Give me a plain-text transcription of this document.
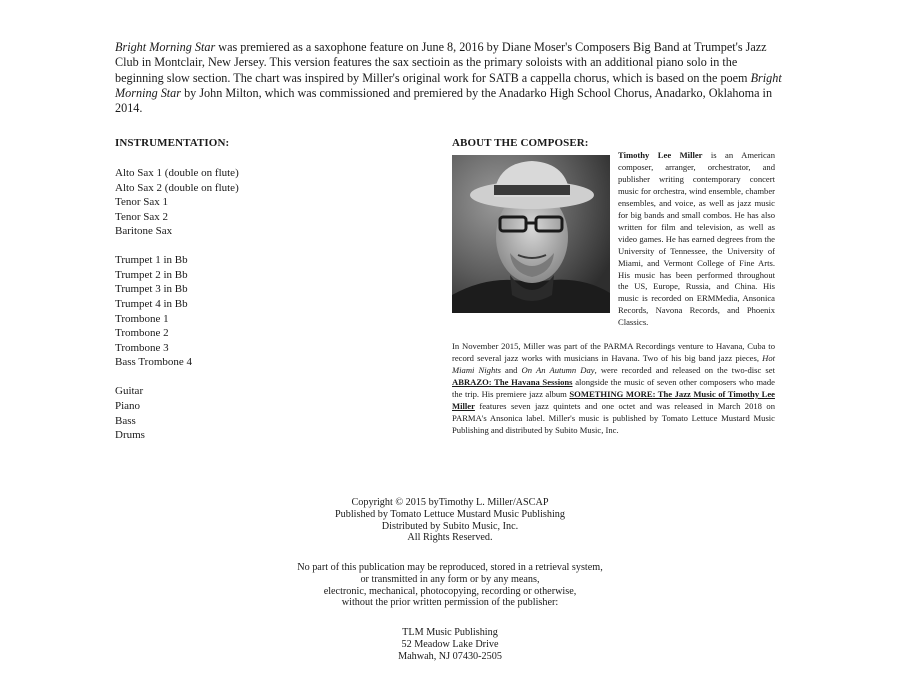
Bright Morning Star was premiered as a saxophone feature on June 8, 2016 by Diane Moser's Composers Big Band at Trumpet's Jazz Club in Montclair, New Jersey. This version features the sax sectioin as the primary soloists with an additional piano solo in the beginning slow section. The chart was inspired by Miller's original work for SATB a cappella chorus, which is based on the poem Bright Morning Star by John Milton, which was commissioned and premiered by the Anadarko High School Chorus, Anadarko, Oklahoma in 2014.

INSTRUMENTATION:
Alto Sax 1 (double on flute)
Alto Sax 2 (double on flute)
Tenor Sax 1
Tenor Sax 2
Baritone Sax
Trumpet 1 in Bb
Trumpet 2 in Bb
Trumpet 3 in Bb
Trumpet 4 in Bb
Trombone 1
Trombone 2
Trombone 3
Bass Trombone 4
Guitar
Piano
Bass
Drums
ABOUT THE COMPOSER:

Timothy Lee Miller is an American composer, arranger, orchestrator, and publisher writing contemporary concert music for orchestra, wind ensemble, chamber ensembles, and voice, as well as jazz music for big bands and small combos. He has also written for film and television, as well as video games. He has earned degrees from the University of Tennessee, the University of Miami, and Vermont College of Fine Arts. His music has been performed throughout the US, Europe, Russia, and China. His music is recorded on ERMMedia, Ansonica Records, Navona Records, and Phoenix Classics.

In November 2015, Miller was part of the PARMA Recordings venture to Havana, Cuba to record several jazz works with musicians in Havana. Two of his big band jazz pieces, Hot Miami Nights and On An Autumn Day, were recorded and released on the two-disc set ABRAZO: The Havana Sessions alongside the music of seven other composers who made the trip. His premiere jazz album SOMETHING MORE: The Jazz Music of Timothy Lee Miller features seven jazz quintets and one octet and was released in March 2018 on PARMA's Ansonica label. Miller's music is published by Tomato Lettuce Mustard Music Publishing and distributed by Subito Music, Inc.

Copyright © 2015 byTimothy L. Miller/ASCAP
Published by Tomato Lettuce Mustard Music Publishing
Distributed by Subito Music, Inc.
All Rights Reserved.
No part of this publication may be reproduced, stored in a retrieval system,
or transmitted in any form or by any means,
electronic, mechanical, photocopying, recording or otherwise,
without the prior written permission of the publisher:
TLM Music Publishing
52 Meadow Lake Drive
Mahwah, NJ 07430-2505
